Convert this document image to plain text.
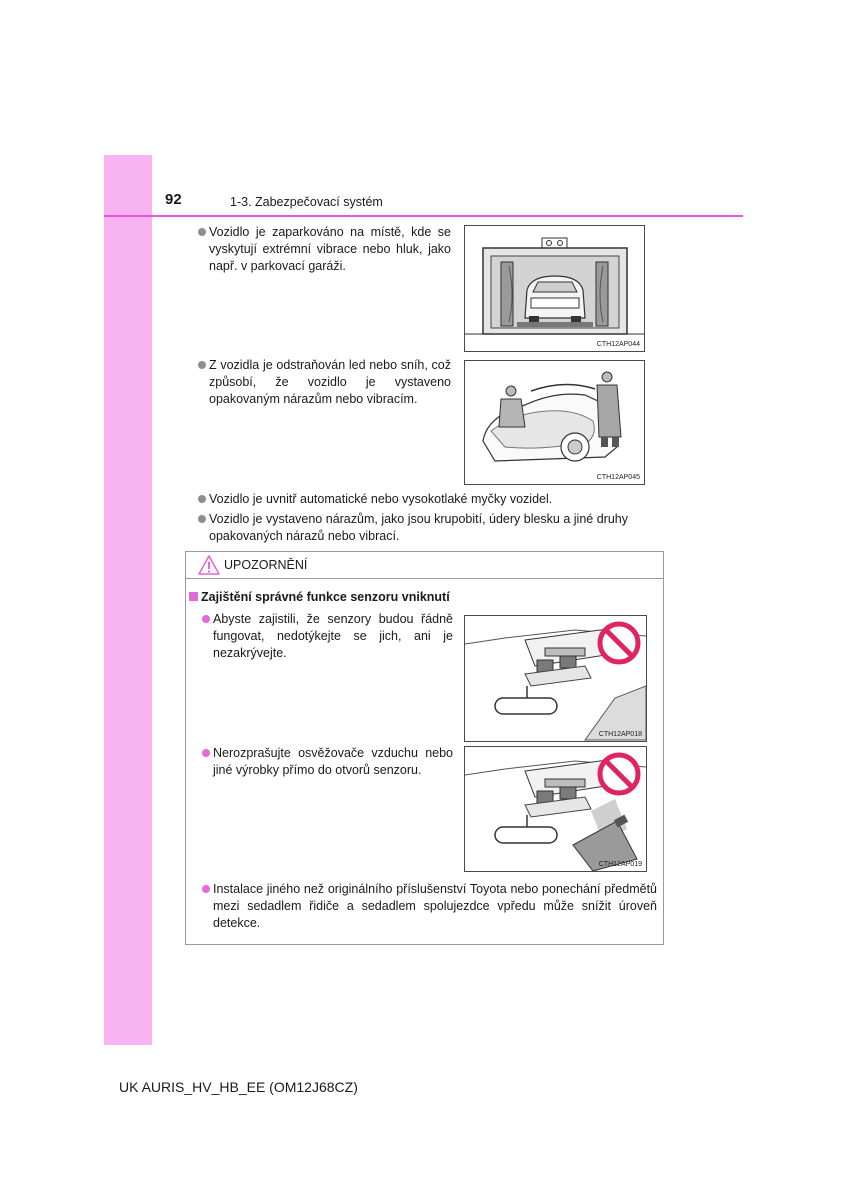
92	1-3. Zabezpečovací systém
Vozidlo je zaparkováno na místě, kde se vyskytují extrémní vibrace nebo hluk, jako např. v parkovací garáži.
CTH12AP044
Z vozidla je odstraňován led nebo sníh, což způsobí, že vozidlo je vystaveno opakovaným nárazům nebo vibracím.
CTH12AP045
Vozidlo je uvnitř automatické nebo vysokotlaké myčky vozidel.
Vozidlo je vystaveno nárazům, jako jsou krupobití, údery blesku a jiné druhy opakovaných nárazů nebo vibrací.
UPOZORNĚNÍ
Zajištění správné funkce senzoru vniknutí
Abyste zajistili, že senzory budou řádně fungovat, nedotýkejte se jich, ani je nezakrývejte.
CTH12AP018
Nerozprašujte osvěžovače vzduchu nebo jiné výrobky přímo do otvorů senzoru.
CTH12AP019
Instalace jiného než originálního příslušenství Toyota nebo ponechání předmětů mezi sedadlem řidiče a sedadlem spolujezdce vpředu může snížit úroveň detekce.
UK AURIS_HV_HB_EE (OM12J68CZ)
